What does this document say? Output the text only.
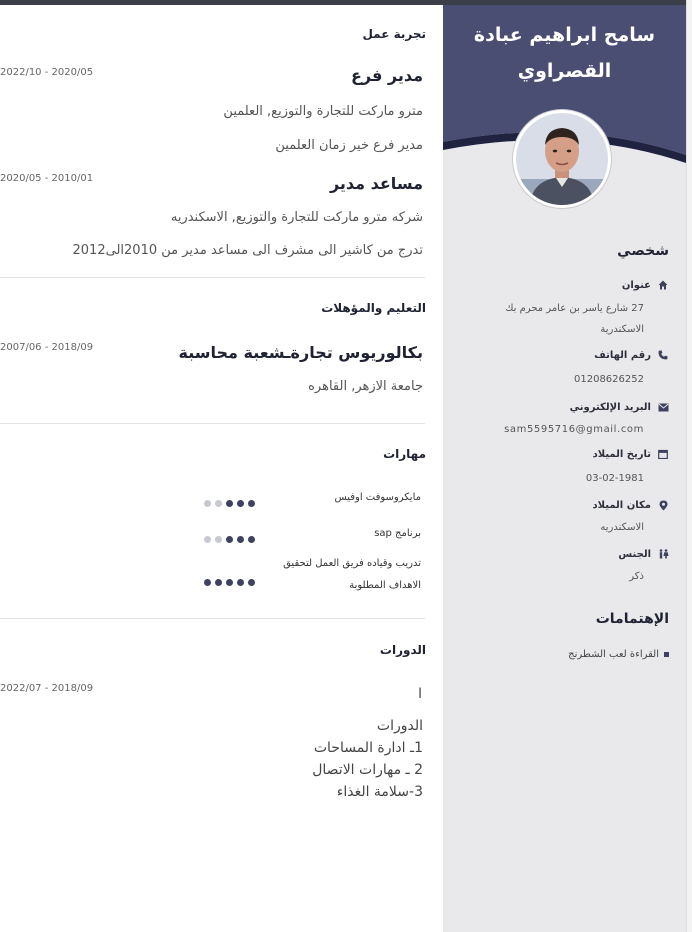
تجربة عمل
مدير فرع
2022/10 - 2020/05
مترو ماركت للتجارة والتوزيع, العلمين
مدير فرع خير زمان العلمين
مساعد مدير
2020/05 - 2010/01
شركه مترو ماركت للتجارة والتوزيع, الاسكندريه
تدرج من كاشير الى مشرف الى مساعد مدير من 2010الى2012
التعليم والمؤهلات
بكالوريوس تجارةـشعبة محاسبة
2007/06 - 2018/09
جامعة الازهر, القاهره
مهارات
مايكروسوفت اوفيس
برنامج sap
تدريب وقياده فريق العمل لتحقيق
الاهداف المطلوبة
الدورات
2022/07 - 2018/09	ا
الدورات
1ـ ادارة المساحات
2 ـ مهارات الاتصال
3-سلامة الغذاء
سامح ابراهيم عبادة القصراوي
شخصي
عنوان
27 شارع ياسر بن عامر محرم بك
الاسكندرية
رقم الهاتف
01208626252
البريد الإلكتروني
sam5595716@gmail.com
تاريخ الميلاد
03-02-1981
مكان الميلاد
الاسكندريه
الجنس
ذكر
الإهتمامات
القراءة لعب الشطرنج
